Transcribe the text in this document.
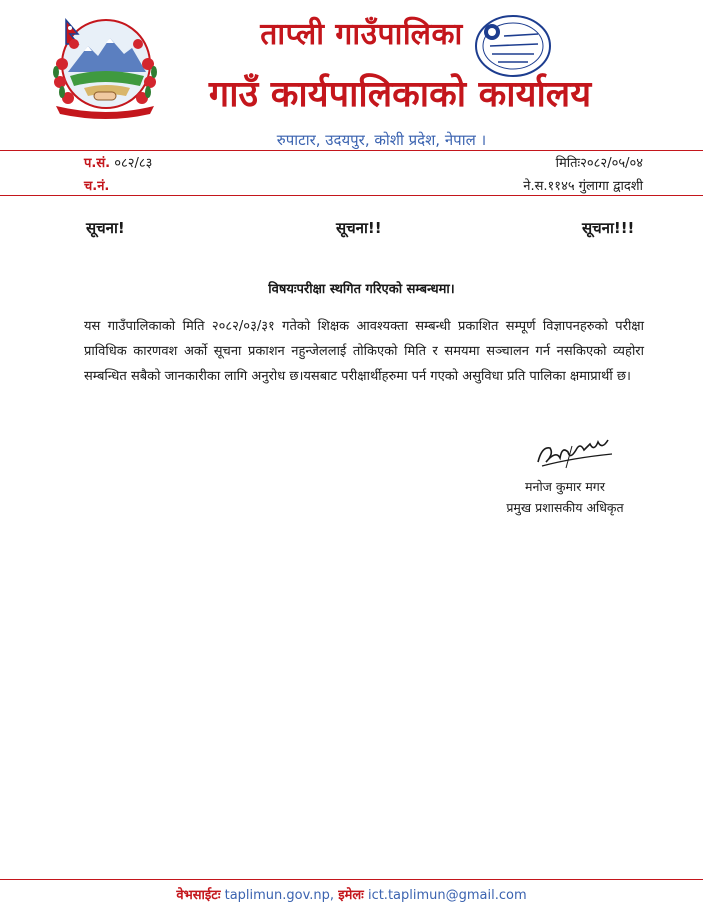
ताप्ली गाउँपालिका
गाउँ कार्यपालिकाको कार्यालय
रुपाटार, उदयपुर, कोशी प्रदेश, नेपाल ।
प.सं. ०८२/८३
च.नं.
मितिः२०८२/०५/०४
ने.स.११४५ गुंलागा द्वादशी
सूचना!	सूचना!!	सूचना!!!
विषयःपरीक्षा स्थगित गरिएको सम्बन्धमा।
यस गाउँपालिकाको मिति २०८२/०३/३१ गतेको शिक्षक आवश्यक्ता सम्बन्धी प्रकाशित सम्पूर्ण विज्ञापनहरुको परीक्षा प्राविधिक कारणवश अर्को सूचना प्रकाशन नहुन्जेललाई तोकिएको मिति र समयमा सञ्चालन गर्न नसकिएको व्यहोरा सम्बन्धित सबैको जानकारीका लागि अनुरोध छ।यसबाट परीक्षार्थीहरुमा पर्न गएको असुविधा प्रति पालिका क्षमाप्रार्थी छ।
मनोज कुमार मगर
प्रमुख प्रशासकीय अधिकृत
वेभसाईटः taplimun.gov.np, इमेलः ict.taplimun@gmail.com
